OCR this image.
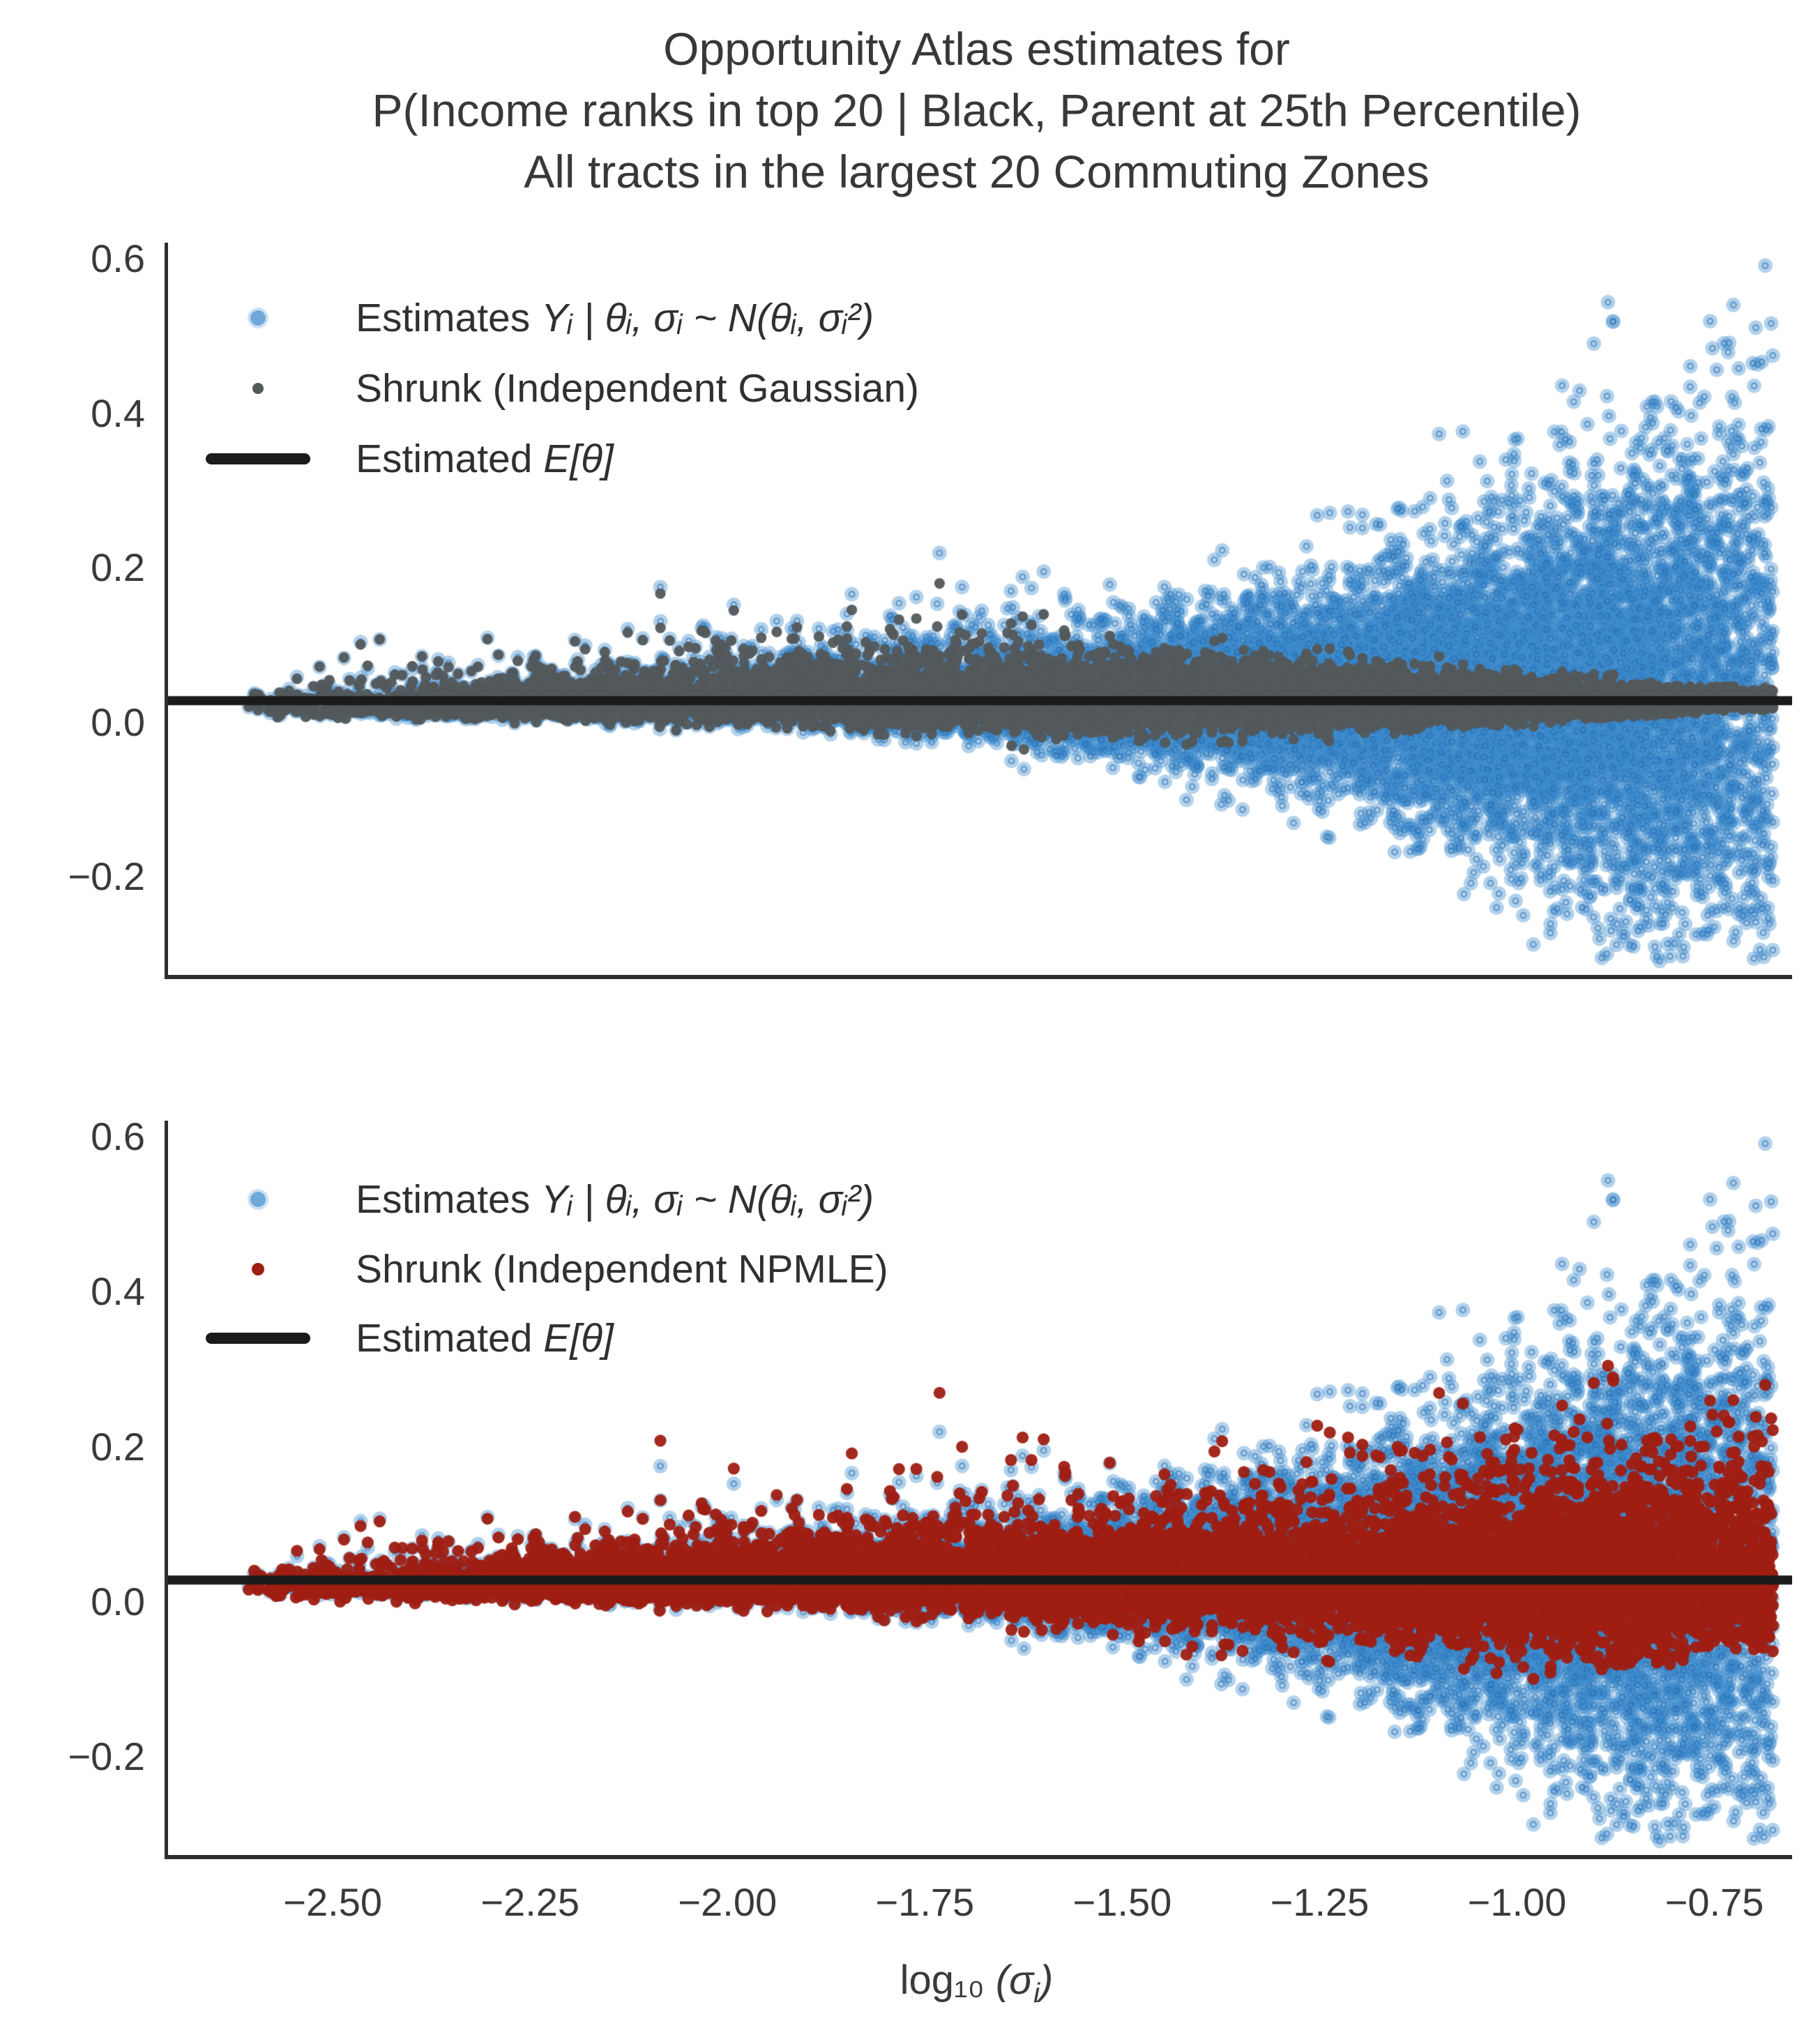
Opportunity Atlas estimates for
P(Income ranks in top 20 | Black, Parent at 25th Percentile)
All tracts in the largest 20 Commuting Zones
0.6
0.4
0.2
0.0
−0.2
0.6
0.4
0.2
0.0
−0.2
−2.50	−2.25	−2.00	−1.75	−1.50	−1.25	−1.00	−0.75
log₁₀ $(\sigma_i)$
Estimates Yᵢ | θᵢ, σᵢ ~ N(θᵢ, σᵢ²)
Shrunk (Independent Gaussian)
Estimated E[θ]
Estimates Yᵢ | θᵢ, σᵢ ~ N(θᵢ, σᵢ²)
Shrunk (Independent NPMLE)
Estimated E[θ]
